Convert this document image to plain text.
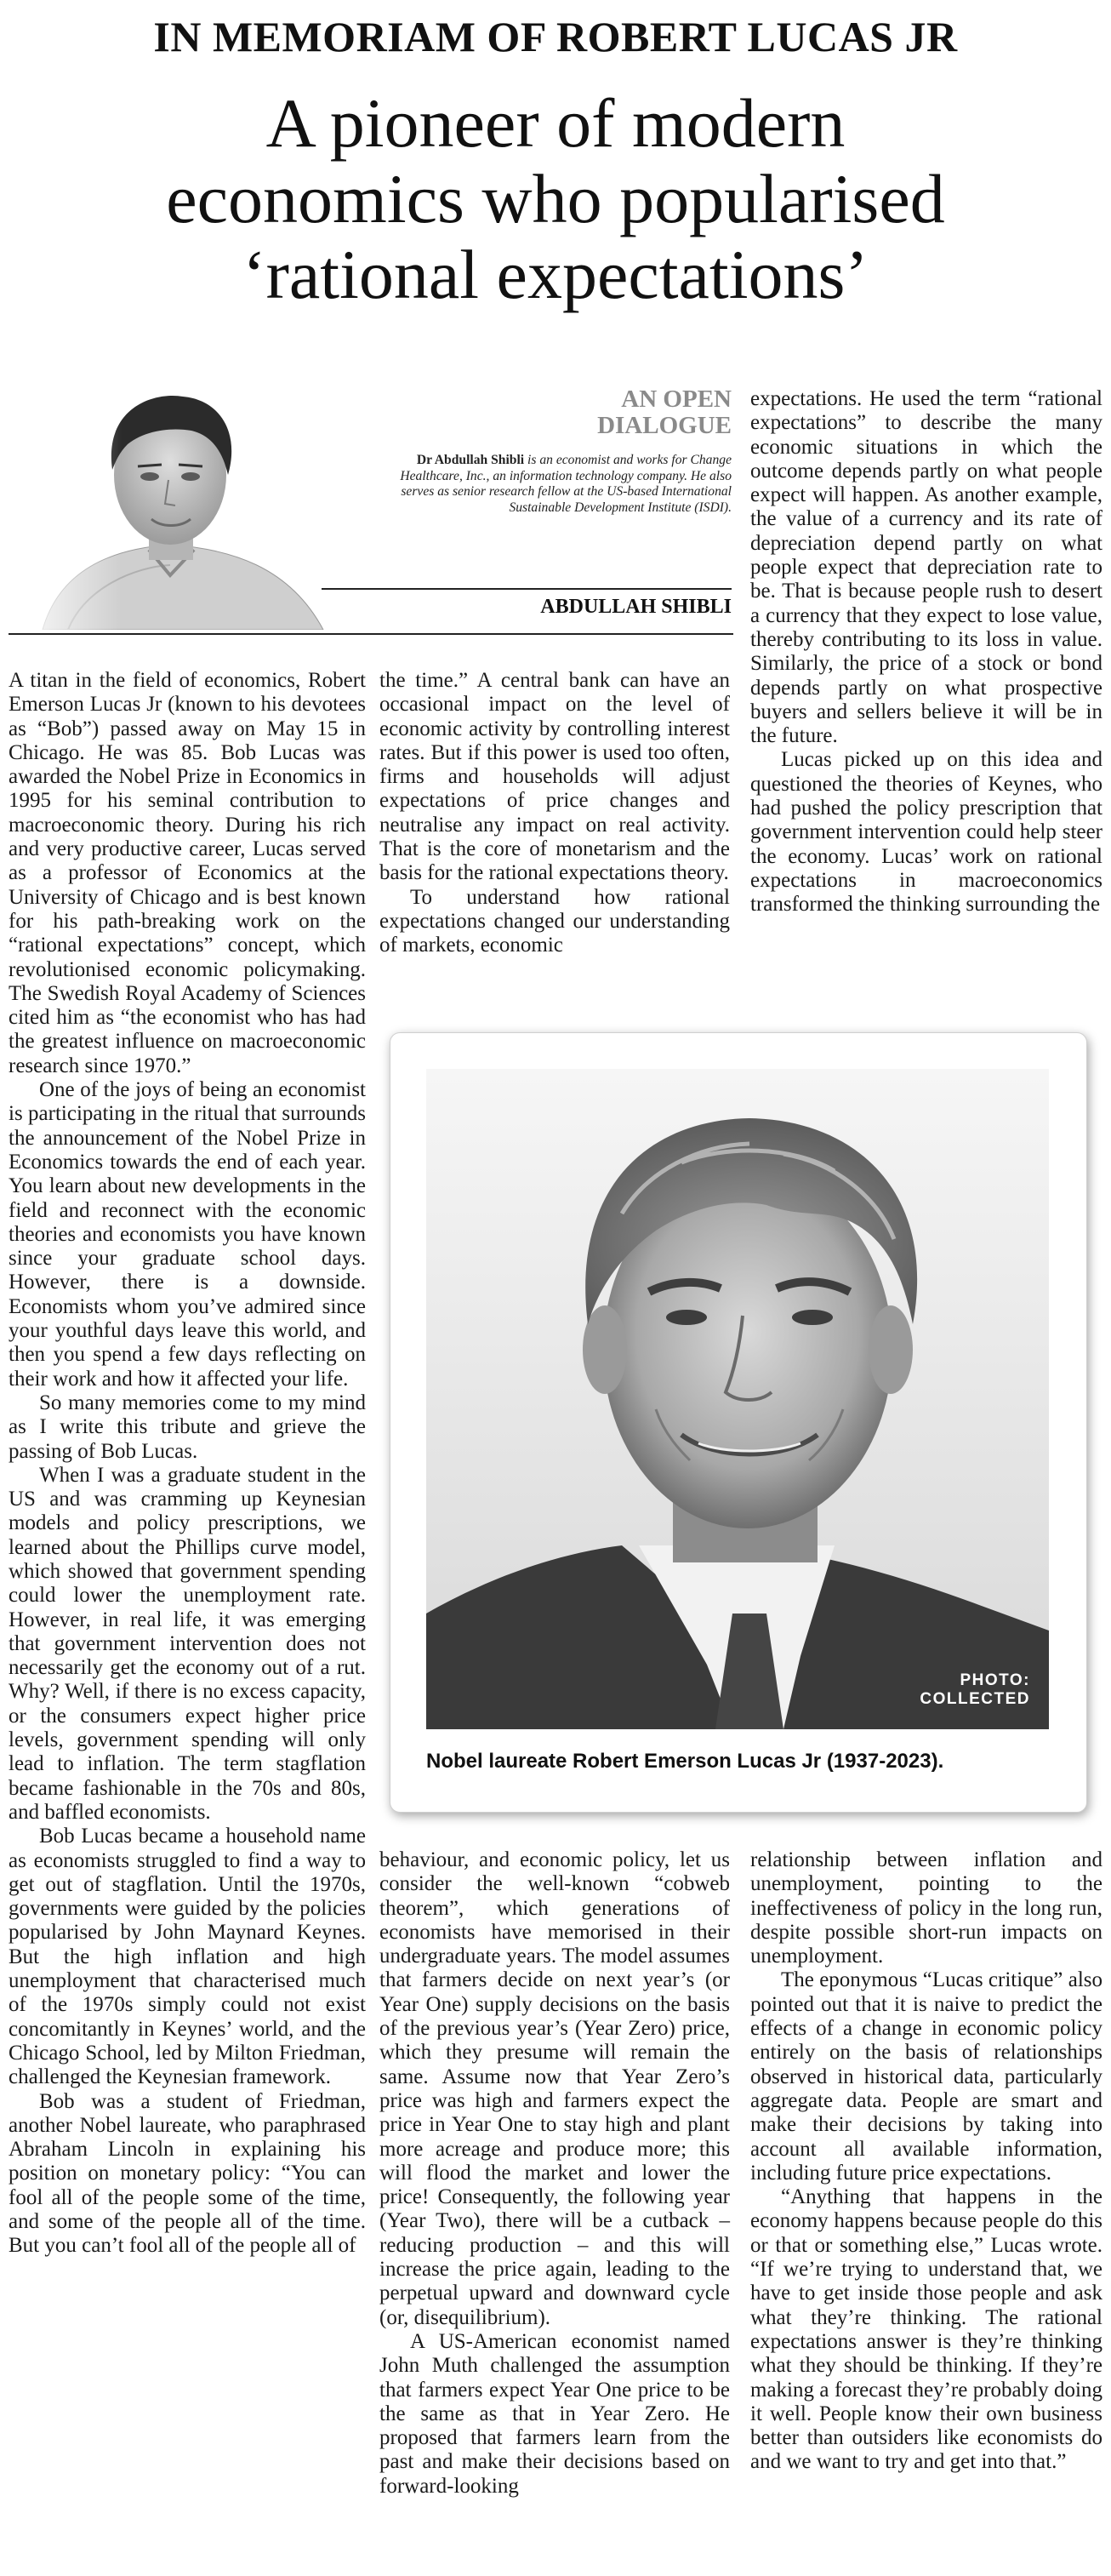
IN MEMORIAM OF ROBERT LUCAS JR
A pioneer of modern
economics who popularised
‘rational expectations’
AN OPEN
DIALOGUE
Dr Abdullah Shibli is an economist and works for Change Healthcare, Inc., an information technology company. He also serves as senior research fellow at the US-based International Sustainable Development Institute (ISDI).
ABDULLAH SHIBLI

expectations. He used the term “rational expectations” to describe the many economic situations in which the outcome depends partly on what people expect will happen. As another example, the value of a currency and its rate of depreciation depend partly on what people expect that depreciation rate to be. That is because people rush to desert a currency that they expect to lose value, thereby contributing to its loss in value. Similarly, the price of a stock or bond depends partly on what prospective buyers and sellers believe it will be in the future.

Lucas picked up on this idea and questioned the theories of Keynes, who had pushed the policy prescription that government intervention could help steer the economy. Lucas’ work on rational expectations in macroeconomics transformed the thinking surrounding the

A titan in the field of economics, Robert Emerson Lucas Jr (known to his devotees as “Bob”) passed away on May 15 in Chicago. He was 85. Bob Lucas was awarded the Nobel Prize in Economics in 1995 for his seminal contribution to macroeconomic theory. During his rich and very productive career, Lucas served as a professor of Economics at the University of Chicago and is best known for his path-breaking work on the “rational expectations” concept, which revolutionised economic policymaking. The Swedish Royal Academy of Sciences cited him as “the economist who has had the greatest influence on macroeconomic research since 1970.”

One of the joys of being an economist is participating in the ritual that surrounds the announcement of the Nobel Prize in Economics towards the end of each year. You learn about new developments in the field and reconnect with the economic theories and economists you have known since your graduate school days. However, there is a downside. Economists whom you’ve admired since your youthful days leave this world, and then you spend a few days reflecting on their work and how it affected your life.

So many memories come to my mind as I write this tribute and grieve the passing of Bob Lucas.

When I was a graduate student in the US and was cramming up Keynesian models and policy prescriptions, we learned about the Phillips curve model, which showed that government spending could lower the unemployment rate. However, in real life, it was emerging that government intervention does not necessarily get the economy out of a rut. Why? Well, if there is no excess capacity, or the consumers expect higher price levels, government spending will only lead to inflation. The term stagflation became fashionable in the 70s and 80s, and baffled economists.

Bob Lucas became a household name as economists struggled to find a way to get out of stagflation. Until the 1970s, governments were guided by the policies popularised by John Maynard Keynes. But the high inflation and high unemployment that characterised much of the 1970s simply could not exist concomitantly in Keynes’ world, and the Chicago School, led by Milton Friedman, challenged the Keynesian framework.

Bob was a student of Friedman, another Nobel laureate, who paraphrased Abraham Lincoln in explaining his position on monetary policy: “You can fool all of the people some of the time, and some of the people all of the time. But you can’t fool all of the people all of

the time.” A central bank can have an occasional impact on the level of economic activity by controlling interest rates. But if this power is used too often, firms and households will adjust expectations of price changes and neutralise any impact on real activity. That is the core of monetarism and the basis for the rational expectations theory.

To understand how rational expectations changed our understanding of markets, economic

PHOTO:
COLLECTED
Nobel laureate Robert Emerson Lucas Jr (1937-2023).

behaviour, and economic policy, let us consider the well-known “cobweb theorem”, which generations of economists have memorised in their undergraduate years. The model assumes that farmers decide on next year’s (or Year One) supply decisions on the basis of the previous year’s (Year Zero) price, which they presume will remain the same. Assume now that Year Zero’s price was high and farmers expect the price in Year One to stay high and plant more acreage and produce more; this will flood the market and lower the price! Consequently, the following year (Year Two), there will be a cutback – reducing production – and this will increase the price again, leading to the perpetual upward and downward cycle (or, disequilibrium).

A US-American economist named John Muth challenged the assumption that farmers expect Year One price to be the same as that in Year Zero. He proposed that farmers learn from the past and make their decisions based on forward-looking

relationship between inflation and unemployment, pointing to the ineffectiveness of policy in the long run, despite possible short-run impacts on unemployment.

The eponymous “Lucas critique” also pointed out that it is naive to predict the effects of a change in economic policy entirely on the basis of relationships observed in historical data, particularly aggregate data. People are smart and make their decisions by taking into account all available information, including future price expectations.

“Anything that happens in the economy happens because people do this or that or something else,” Lucas wrote. “If we’re trying to understand that, we have to get inside those people and ask what they’re thinking. The rational expectations answer is they’re thinking what they should be thinking. If they’re making a forecast they’re probably doing it well. People know their own business better than outsiders like economists do and we want to try and get into that.”
